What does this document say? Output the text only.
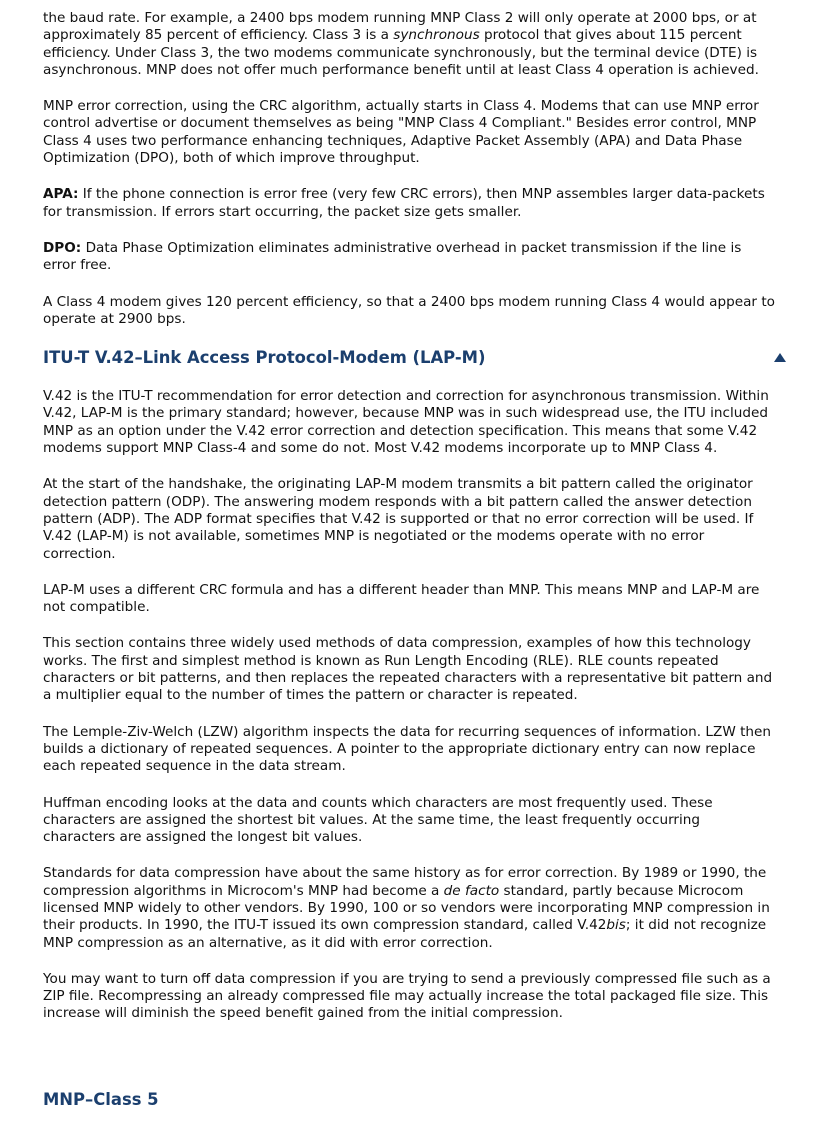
the baud rate. For example, a 2400 bps modem running MNP Class 2 will only operate at 2000 bps, or at approximately 85 percent of efficiency. Class 3 is a synchronous protocol that gives about 115 percent efficiency. Under Class 3, the two modems communicate synchronously, but the terminal device (DTE) is asynchronous. MNP does not offer much performance benefit until at least Class 4 operation is achieved.

MNP error correction, using the CRC algorithm, actually starts in Class 4. Modems that can use MNP error control advertise or document themselves as being "MNP Class 4 Compliant." Besides error control, MNP Class 4 uses two performance enhancing techniques, Adaptive Packet Assembly (APA) and Data Phase Optimization (DPO), both of which improve throughput.

APA: If the phone connection is error free (very few CRC errors), then MNP assembles larger data-packets for transmission. If errors start occurring, the packet size gets smaller.

DPO: Data Phase Optimization eliminates administrative overhead in packet transmission if the line is error free.

A Class 4 modem gives 120 percent efficiency, so that a 2400 bps modem running Class 4 would appear to operate at 2900 bps.

ITU-T V.42–Link Access Protocol-Modem (LAP-M)

V.42 is the ITU-T recommendation for error detection and correction for asynchronous transmission. Within V.42, LAP-M is the primary standard; however, because MNP was in such widespread use, the ITU included MNP as an option under the V.42 error correction and detection specification. This means that some V.42 modems support MNP Class-4 and some do not. Most V.42 modems incorporate up to MNP Class 4.

At the start of the handshake, the originating LAP-M modem transmits a bit pattern called the originator detection pattern (ODP). The answering modem responds with a bit pattern called the answer detection pattern (ADP). The ADP format specifies that V.42 is supported or that no error correction will be used. If V.42 (LAP-M) is not available, sometimes MNP is negotiated or the modems operate with no error correction.

LAP-M uses a different CRC formula and has a different header than MNP. This means MNP and LAP-M are not compatible.

This section contains three widely used methods of data compression, examples of how this technology works. The first and simplest method is known as Run Length Encoding (RLE). RLE counts repeated characters or bit patterns, and then replaces the repeated characters with a representative bit pattern and a multiplier equal to the number of times the pattern or character is repeated.

The Lemple-Ziv-Welch (LZW) algorithm inspects the data for recurring sequences of information. LZW then builds a dictionary of repeated sequences. A pointer to the appropriate dictionary entry can now replace each repeated sequence in the data stream.

Huffman encoding looks at the data and counts which characters are most frequently used. These characters are assigned the shortest bit values. At the same time, the least frequently occurring characters are assigned the longest bit values.

Standards for data compression have about the same history as for error correction. By 1989 or 1990, the compression algorithms in Microcom's MNP had become a de facto standard, partly because Microcom licensed MNP widely to other vendors. By 1990, 100 or so vendors were incorporating MNP compression in their products. In 1990, the ITU-T issued its own compression standard, called V.42bis; it did not recognize MNP compression as an alternative, as it did with error correction.

You may want to turn off data compression if you are trying to send a previously compressed file such as a ZIP file. Recompressing an already compressed file may actually increase the total packaged file size. This increase will diminish the speed benefit gained from the initial compression.

MNP–Class 5
